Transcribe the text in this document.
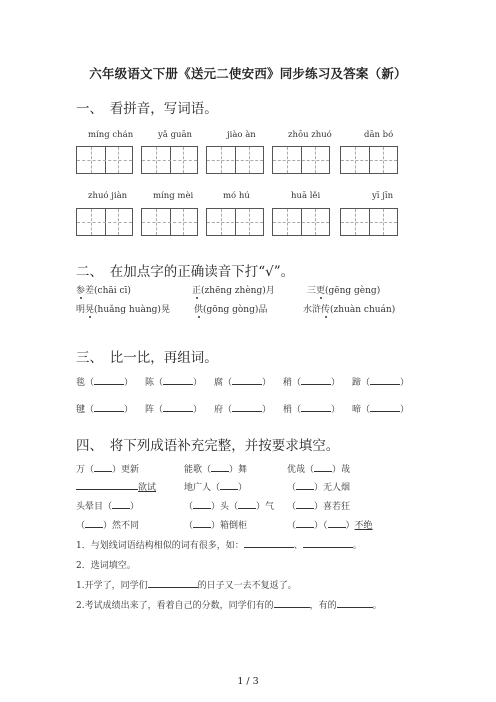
六年级语文下册《送元二使安西》同步练习及答案（新）
一、　看拼音，写词语。
míng chán	yǎ guān	jiào àn	zhōu zhuó	dān bó
zhuó jiàn	míng mèi	mó hú	huā lěi	yī jīn
二、　在加点字的正确读音下打“√”。
参差(chāi cī)	正(zhēng zhèng)月	三更(gēng gèng)
明晃(huǎng huàng)晃	供(gōng gòng)品	水浒传(zhuàn chuán)
三、　比一比，再组词。
毯（	） 陈（	） 腐（	） 稍（	） 蹄（	）
毽（	） 阵（	） 府（	） 梢（	） 啼（	）
四、　将下列成语补充完整，并按要求填空。
万（ ）更新	能歌（ ）舞	优哉（ ）哉
欲试	地广人（ ）	（ ）无人烟
头晕目（ ）	（ ）头（ ）气 （ ）喜若狂
（ ）然不同	（ ）箱倒柜	（ ）（ ）不绝
1．与划线词语结构相似的词有很多，如：	、	。
2．选词填空。
1.开学了，同学们	的日子又一去不复返了。
2.考试成绩出来了，看着自己的分数，同学们有的	，有的	。
1 / 3
